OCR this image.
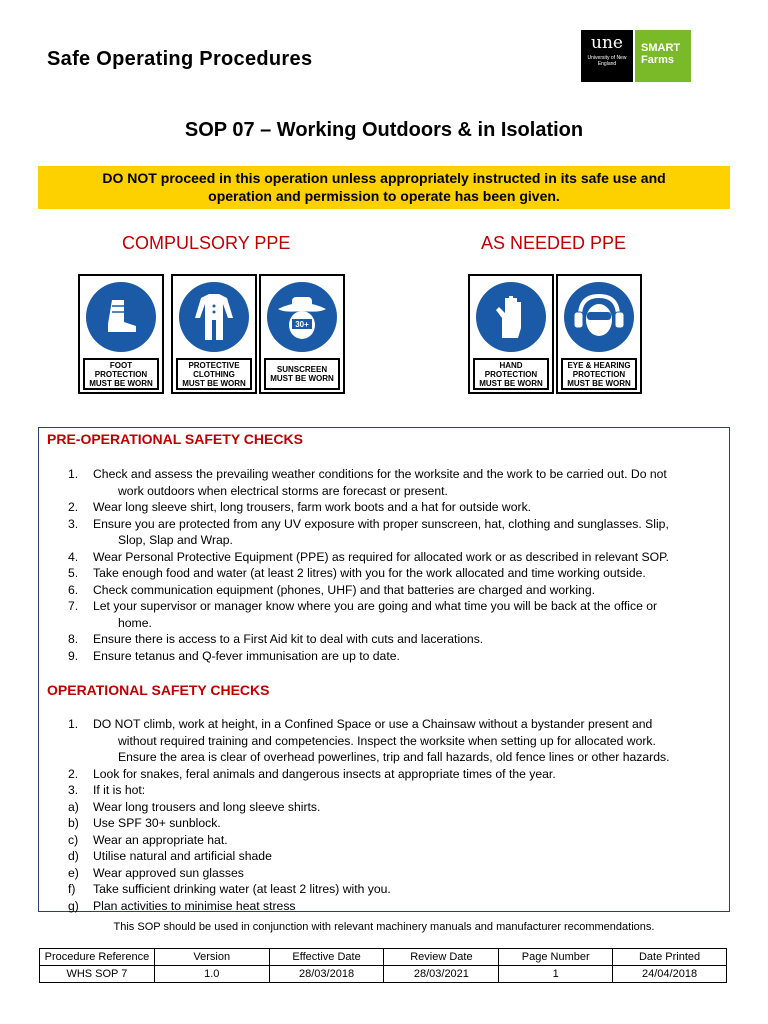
Safe Operating Procedures
une
University of New England
SMART
Farms
SOP 07 – Working Outdoors & in Isolation
DO NOT proceed in this operation unless appropriately instructed in its safe use and
operation and permission to operate has been given.
COMPULSORY PPE	AS NEEDED PPE
FOOT
PROTECTION
MUST BE WORN
PROTECTIVE
CLOTHING
MUST BE WORN
30+
SUNSCREEN
MUST BE WORN
HAND
PROTECTION
MUST BE WORN
EYE & HEARING
PROTECTION
MUST BE WORN
PRE-OPERATIONAL SAFETY CHECKS
1. Check and assess the prevailing weather conditions for the worksite and the work to be carried out. Do not
work outdoors when electrical storms are forecast or present.
2. Wear long sleeve shirt, long trousers, farm work boots and a hat for outside work.
3. Ensure you are protected from any UV exposure with proper sunscreen, hat, clothing and sunglasses. Slip,
Slop, Slap and Wrap.
4. Wear Personal Protective Equipment (PPE) as required for allocated work or as described in relevant SOP.
5. Take enough food and water (at least 2 litres) with you for the work allocated and time working outside.
6. Check communication equipment (phones, UHF) and that batteries are charged and working.
7. Let your supervisor or manager know where you are going and what time you will be back at the office or
home.
8. Ensure there is access to a First Aid kit to deal with cuts and lacerations.
9. Ensure tetanus and Q-fever immunisation are up to date.
OPERATIONAL SAFETY CHECKS
1. DO NOT climb, work at height, in a Confined Space or use a Chainsaw without a bystander present and
without required training and competencies. Inspect the worksite when setting up for allocated work.
Ensure the area is clear of overhead powerlines, trip and fall hazards, old fence lines or other hazards.
2. Look for snakes, feral animals and dangerous insects at appropriate times of the year.
3. If it is hot:
a) Wear long trousers and long sleeve shirts.
b) Use SPF 30+ sunblock.
c) Wear an appropriate hat.
d) Utilise natural and artificial shade
e) Wear approved sun glasses
f) Take sufficient drinking water (at least 2 litres) with you.
g) Plan activities to minimise heat stress
This SOP should be used in conjunction with relevant machinery manuals and manufacturer recommendations.
Procedure Reference	Version	Effective Date	Review Date	Page Number	Date Printed
WHS SOP 7	1.0	28/03/2018	28/03/2021	1	24/04/2018
